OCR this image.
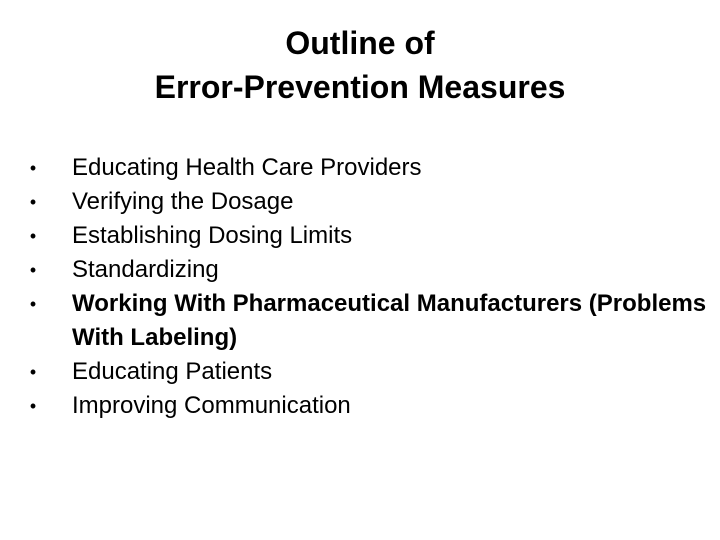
Outline of
Error-Prevention Measures
• Educating Health Care Providers
• Verifying the Dosage
• Establishing Dosing Limits
• Standardizing
• Working With Pharmaceutical Manufacturers (Problems With Labeling)
• Educating Patients
• Improving Communication
